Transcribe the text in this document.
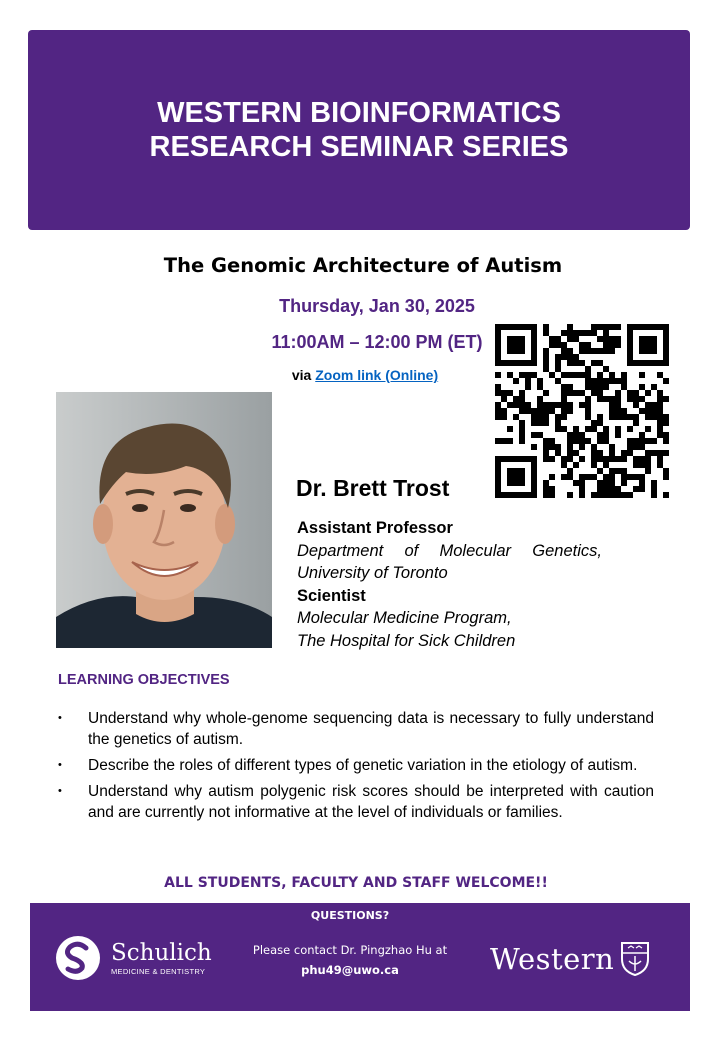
WESTERN BIOINFORMATICS
RESEARCH SEMINAR SERIES
The Genomic Architecture of Autism
Thursday, Jan 30, 2025
11:00AM – 12:00 PM (ET)
via Zoom link (Online)
Dr. Brett Trost
Assistant Professor
Department of Molecular Genetics,
University of Toronto
Scientist
Molecular Medicine Program,
The Hospital for Sick Children
LEARNING OBJECTIVES
• Understand why whole-genome sequencing data is necessary to fully understand the genetics of autism.
• Describe the roles of different types of genetic variation in the etiology of autism.
• Understand why autism polygenic risk scores should be interpreted with caution and are currently not informative at the level of individuals or families.
ALL STUDENTS, FACULTY AND STAFF WELCOME!!
QUESTIONS?
Schulich
MEDICINE & DENTISTRY
Please contact Dr. Pingzhao Hu at
phu49@uwo.ca	Western
